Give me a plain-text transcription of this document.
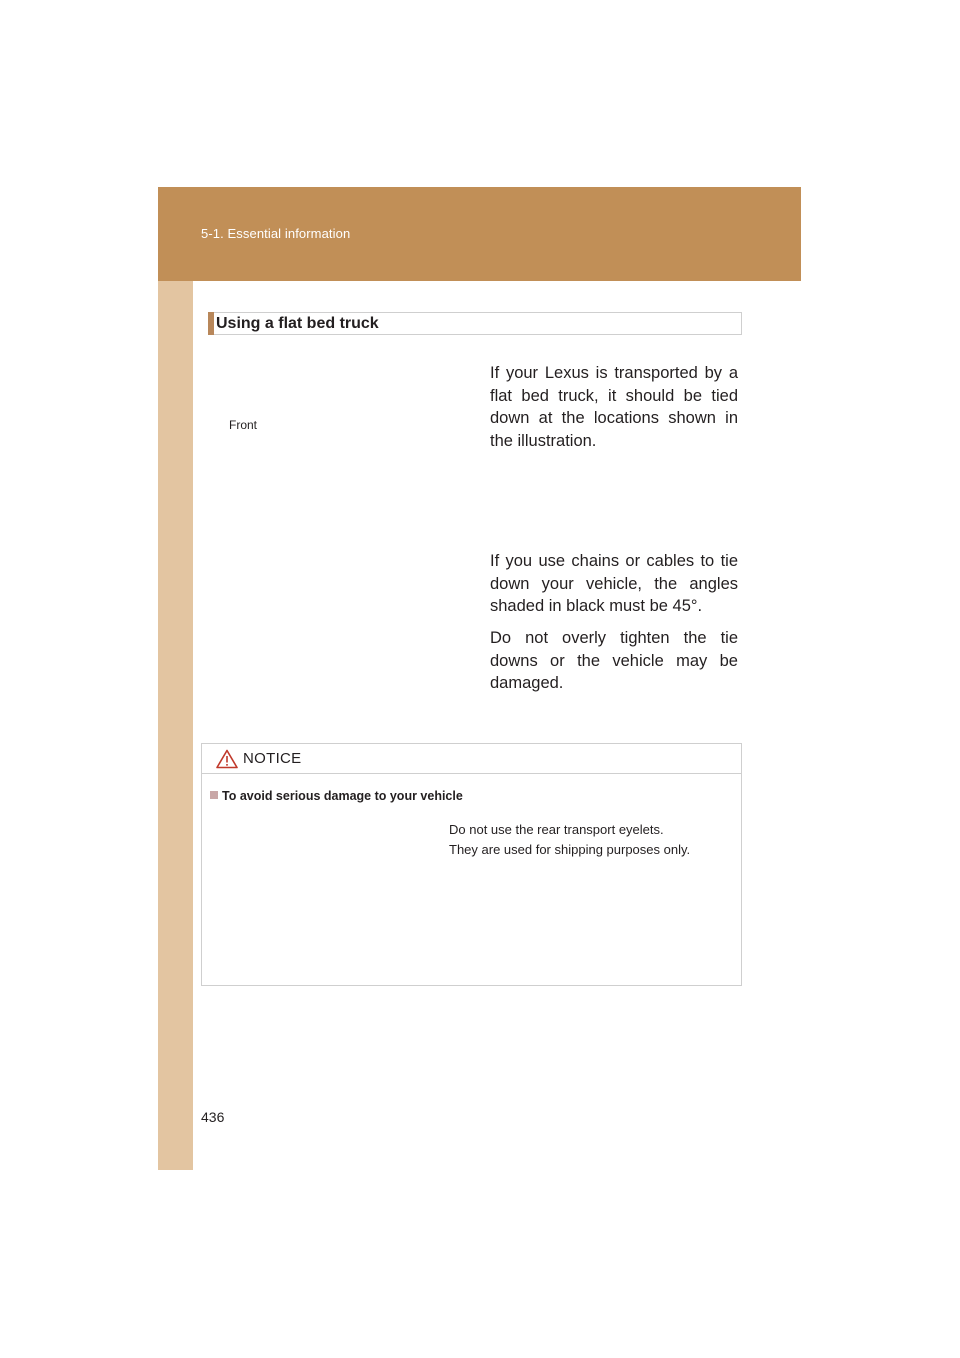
5-1. Essential information
Using a flat bed truck
Front
If your Lexus is transported by a flat bed truck, it should be tied down at the locations shown in the illustration.
If you use chains or cables to tie down your vehicle, the angles shaded in black must be 45°.
Do not overly tighten the tie downs or the vehicle may be damaged.
NOTICE
To avoid serious damage to your vehicle
Do not use the rear transport eyelets.
They are used for shipping purposes only.
436
